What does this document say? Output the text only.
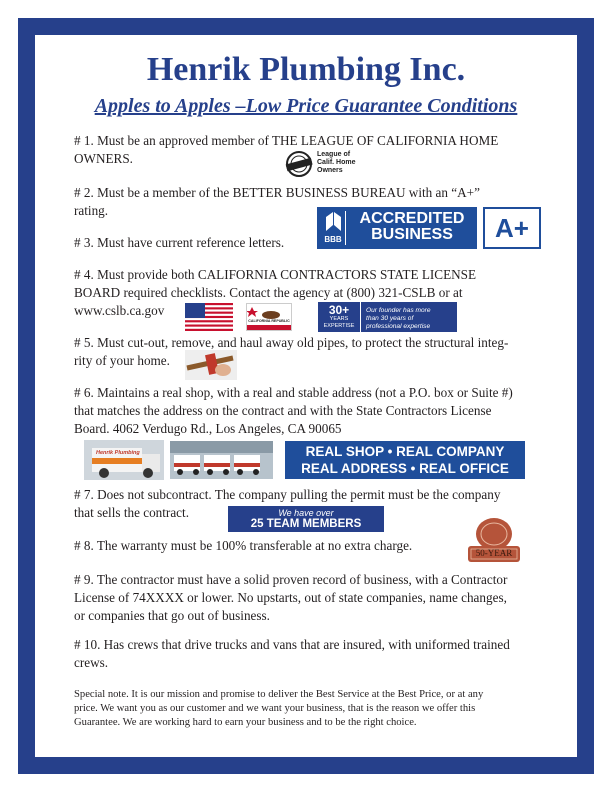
Henrik Plumbing Inc.
Apples to Apples –Low Price Guarantee Conditions
# 1. Must be an approved member of THE LEAGUE OF CALIFORNIA HOME
OWNERS.	League of
Calif. Home
Owners
# 2. Must be a member of the BETTER BUSINESS BUREAU with an “A+”
rating.
BBB
ACCREDITED
BUSINESS	A+
# 3. Must have current reference letters.
# 4. Must provide both CALIFORNIA CONTRACTORS STATE LICENSE
BOARD required checklists. Contact the agency at (800) 321-CSLB or at
www.cslb.ca.gov
CALIFORNIA REPUBLIC
30+
YEARS
EXPERTISE
Our founder has more
than 30 years of
professional expertise
# 5. Must cut-out, remove, and haul away old pipes, to protect the structural integ-
rity of your home.
# 6. Maintains a real shop, with a real and stable address (not a P.O. box or Suite #)
that matches the address on the contract and with the State Contractors License
Board. 4062 Verdugo Rd., Los Angeles, CA 90065
Henrik Plumbing	REAL SHOP • REAL COMPANY
REAL ADDRESS • REAL OFFICE
# 7. Does not subcontract. The company pulling the permit must be the company
that sells the contract.	We have over
25 TEAM MEMBERS
# 8. The warranty must be 100% transferable at no extra charge.	50-YEAR
# 9. The contractor must have a solid proven record of business, with a Contractor
License of 74XXXX or lower. No upstarts, out of state companies, name changes,
or companies that go out of business.
# 10. Has crews that drive trucks and vans that are insured, with uniformed trained
crews.
Special note. It is our mission and promise to deliver the Best Service at the Best Price, or at any
price. We want you as our customer and we want your business, that is the reason we offer this
Guarantee. We are working hard to earn your business and to be the right choice.
